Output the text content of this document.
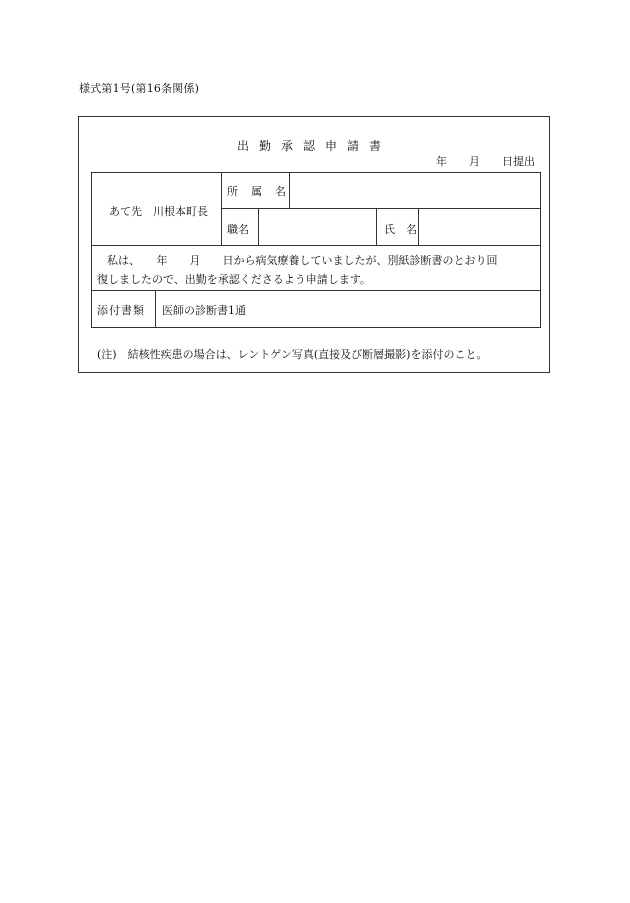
様式第1号(第16条関係)
出勤承認申請書
年　　月　　日提出
あて先　川根本町長
所　属　名
職名	氏　名
私は、　　年　　月　　日から病気療養していましたが、別紙診断書のとおり回
復しましたので、出勤を承認くださるよう申請します。
添付書類 医師の診断書1通
(注)　結核性疾患の場合は、レントゲン写真(直接及び断層撮影)を添付のこと。
